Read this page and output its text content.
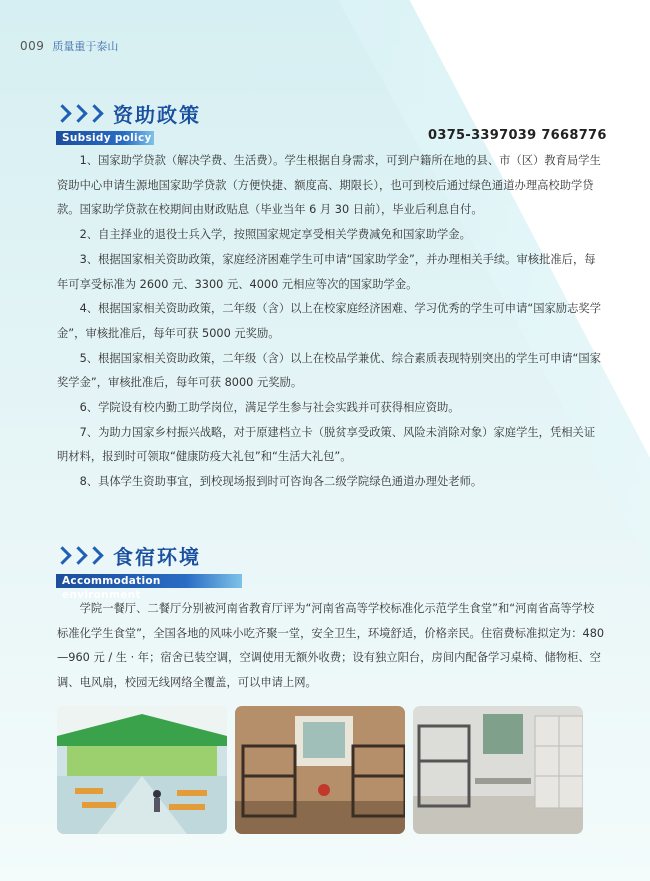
009 质量重于泰山
资助政策
Subsidy policy	0375-3397039 7668776

1、国家助学贷款（解决学费、生活费）。学生根据自身需求，可到户籍所在地的县、市（区）教育局学生资助中心申请生源地国家助学贷款（方便快捷、额度高、期限长），也可到校后通过绿色通道办理高校助学贷款。国家助学贷款在校期间由财政贴息（毕业当年 6 月 30 日前），毕业后利息自付。

2、自主择业的退役士兵入学，按照国家规定享受相关学费减免和国家助学金。

3、根据国家相关资助政策，家庭经济困难学生可申请“国家助学金”，并办理相关手续。审核批准后，每年可享受标准为 2600 元、3300 元、4000 元相应等次的国家助学金。

4、根据国家相关资助政策，二年级（含）以上在校家庭经济困难、学习优秀的学生可申请“国家励志奖学金”，审核批准后，每年可获 5000 元奖励。

5、根据国家相关资助政策，二年级（含）以上在校品学兼优、综合素质表现特别突出的学生可申请“国家奖学金”，审核批准后，每年可获 8000 元奖励。

6、学院设有校内勤工助学岗位，满足学生参与社会实践并可获得相应资助。

7、为助力国家乡村振兴战略，对于原建档立卡（脱贫享受政策、风险未消除对象）家庭学生，凭相关证明材料，报到时可领取“健康防疫大礼包”和“生活大礼包”。

8、具体学生资助事宜，到校现场报到时可咨询各二级学院绿色通道办理处老师。

食宿环境
Accommodation environment

学院一餐厅、二餐厅分别被河南省教育厅评为“河南省高等学校标准化示范学生食堂”和“河南省高等学校标准化学生食堂”，全国各地的风味小吃齐聚一堂，安全卫生，环境舒适，价格亲民。住宿费标准拟定为：480—960 元 / 生 · 年；宿舍已装空调，空调使用无额外收费；设有独立阳台，房间内配备学习桌椅、储物柜、空调、电风扇，校园无线网络全覆盖，可以申请上网。
